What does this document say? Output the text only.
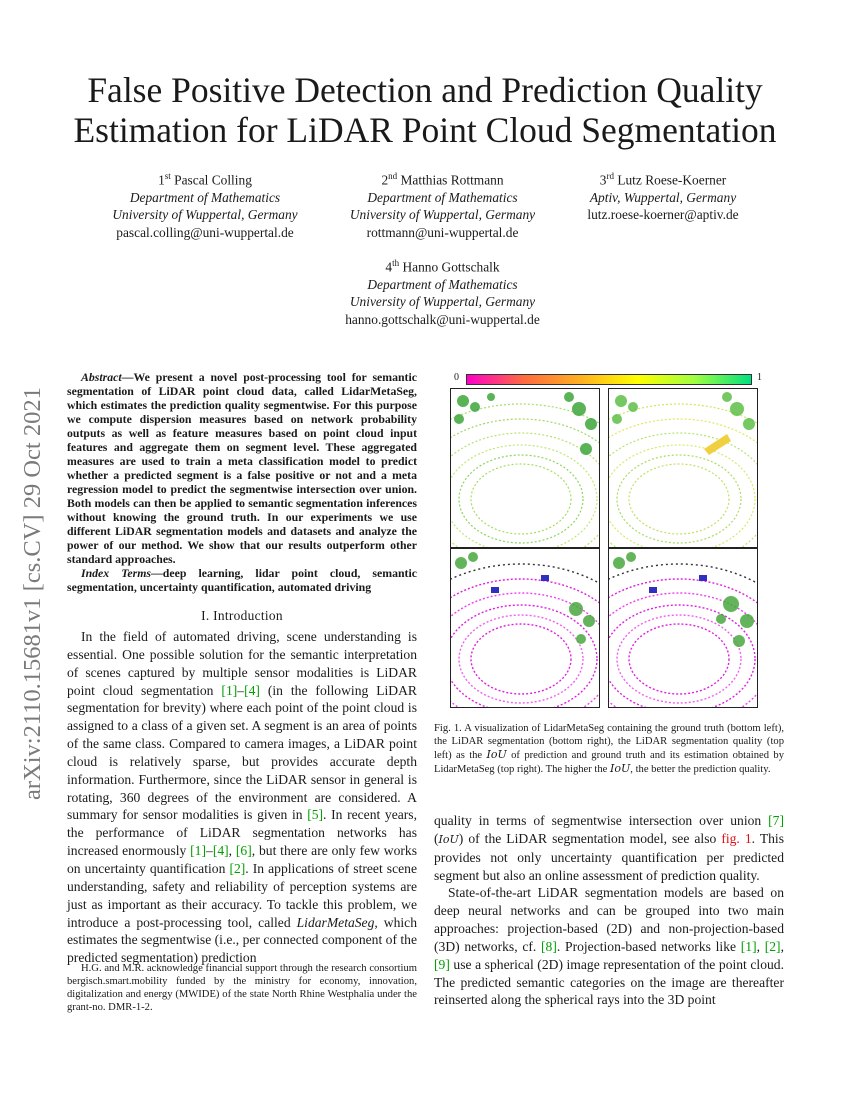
arXiv:2110.15681v1 [cs.CV] 29 Oct 2021
False Positive Detection and Prediction Quality
Estimation for LiDAR Point Cloud Segmentation
1st Pascal Colling
Department of Mathematics
University of Wuppertal, Germany
pascal.colling@uni-wuppertal.de
2nd Matthias Rottmann
Department of Mathematics
University of Wuppertal, Germany
rottmann@uni-wuppertal.de
3rd Lutz Roese-Koerner
Aptiv, Wuppertal, Germany
lutz.roese-koerner@aptiv.de
4th Hanno Gottschalk
Department of Mathematics
University of Wuppertal, Germany
hanno.gottschalk@uni-wuppertal.de
Abstract—We present a novel post-processing tool for semantic segmentation of LiDAR point cloud data, called LidarMetaSeg, which estimates the prediction quality segmentwise. For this purpose we compute dispersion measures based on network probability outputs as well as feature measures based on point cloud input features and aggregate them on segment level. These aggregated measures are used to train a meta classification model to predict whether a predicted segment is a false positive or not and a meta regression model to predict the segmentwise intersection over union. Both models can then be applied to semantic segmentation inferences without knowing the ground truth. In our experiments we use different LiDAR segmentation models and datasets and analyze the power of our method. We show that our results outperform other standard approaches.
Index Terms—deep learning, lidar point cloud, semantic segmentation, uncertainty quantification, automated driving
I. Introduction
In the field of automated driving, scene understanding is essential. One possible solution for the semantic interpretation of scenes captured by multiple sensor modalities is LiDAR point cloud segmentation [1]–[4] (in the following LiDAR segmentation for brevity) where each point of the point cloud is assigned to a class of a given set. A segment is an area of points of the same class. Compared to camera images, a LiDAR point cloud is relatively sparse, but provides accurate depth information. Furthermore, since the LiDAR sensor in general is rotating, 360 degrees of the environment are considered. A summary for sensor modalities is given in [5]. In recent years, the performance of LiDAR segmentation networks has increased enormously [1]–[4], [6], but there are only few works on uncertainty quantification [2]. In applications of street scene understanding, safety and reliability of perception systems are just as important as their accuracy. To tackle this problem, we introduce a post-processing tool, called LidarMetaSeg, which estimates the segmentwise (i.e., per connected component of the predicted segmentation) prediction
H.G. and M.R. acknowledge financial support through the research consortium bergisch.smart.mobility funded by the ministry for economy, innovation, digitalization and energy (MWIDE) of the state North Rhine Westphalia under the grant-no. DMR-1-2.
0	1
Fig. 1. A visualization of LidarMetaSeg containing the ground truth (bottom left), the LiDAR segmentation (bottom right), the LiDAR segmentation quality (top left) as the IoU of prediction and ground truth and its estimation obtained by LidarMetaSeg (top right). The higher the IoU, the better the prediction quality.
quality in terms of segmentwise intersection over union [7] (IoU) of the LiDAR segmentation model, see also fig. 1. This provides not only uncertainty quantification per predicted segment but also an online assessment of prediction quality.
State-of-the-art LiDAR segmentation models are based on deep neural networks and can be grouped into two main approaches: projection-based (2D) and non-projection-based (3D) networks, cf. [8]. Projection-based networks like [1], [2], [9] use a spherical (2D) image representation of the point cloud. The predicted semantic categories on the image are thereafter reinserted along the spherical rays into the 3D point
